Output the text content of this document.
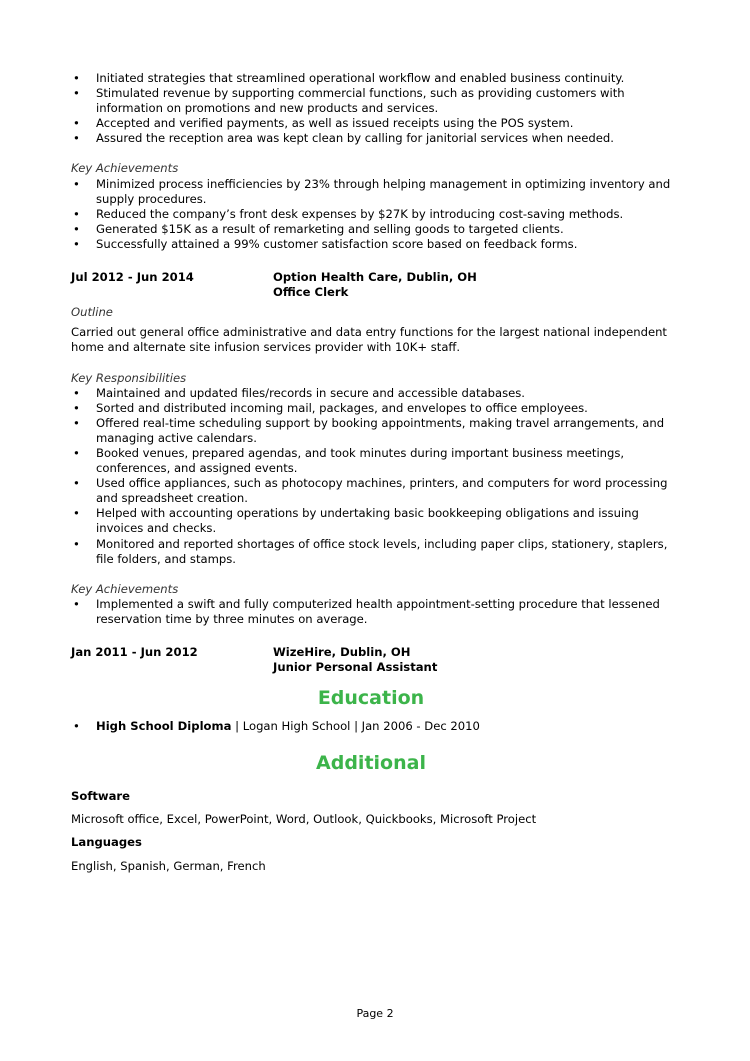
• Initiated strategies that streamlined operational workflow and enabled business continuity.
• Stimulated revenue by supporting commercial functions, such as providing customers with information on promotions and new products and services.
• Accepted and verified payments, as well as issued receipts using the POS system.
• Assured the reception area was kept clean by calling for janitorial services when needed.

Key Achievements

• Minimized process inefficiencies by 23% through helping management in optimizing inventory and supply procedures.
• Reduced the company’s front desk expenses by $27K by introducing cost-saving methods.
• Generated $15K as a result of remarketing and selling goods to targeted clients.
• Successfully attained a 99% customer satisfaction score based on feedback forms.
Jul 2012 - Jun 2014	Option Health Care, Dublin, OH
Office Clerk

Outline

Carried out general office administrative and data entry functions for the largest national independent home and alternate site infusion services provider with 10K+ staff.

Key Responsibilities

• Maintained and updated files/records in secure and accessible databases.
• Sorted and distributed incoming mail, packages, and envelopes to office employees.
• Offered real-time scheduling support by booking appointments, making travel arrangements, and managing active calendars.
• Booked venues, prepared agendas, and took minutes during important business meetings, conferences, and assigned events.
• Used office appliances, such as photocopy machines, printers, and computers for word processing and spreadsheet creation.
• Helped with accounting operations by undertaking basic bookkeeping obligations and issuing invoices and checks.
• Monitored and reported shortages of office stock levels, including paper clips, stationery, staplers, file folders, and stamps.

Key Achievements

• Implemented a swift and fully computerized health appointment-setting procedure that lessened reservation time by three minutes on average.
Jan 2011 - Jun 2012	WizeHire, Dublin, OH
Junior Personal Assistant
Education
• High School Diploma | Logan High School | Jan 2006 - Dec 2010
Additional

Software

Microsoft office, Excel, PowerPoint, Word, Outlook, Quickbooks, Microsoft Project

Languages

English, Spanish, German, French

Page 2
